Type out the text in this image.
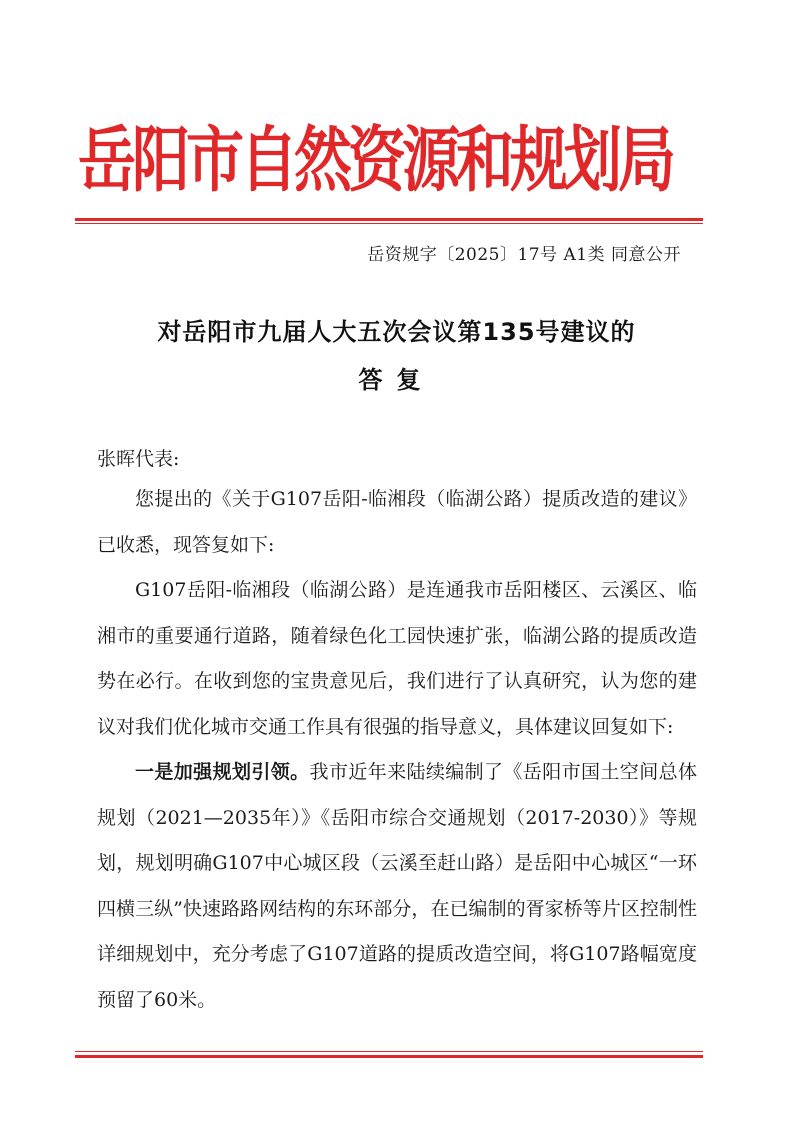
岳阳市自然资源和规划局
岳资规字〔2025〕17号 A1类 同意公开
对岳阳市九届人大五次会议第135号建议的
答复
张晖代表:

您提出的《关于G107岳阳-临湘段（临湖公路）提质改造的建议》已收悉，现答复如下:

G107岳阳-临湘段（临湖公路）是连通我市岳阳楼区、云溪区、临湘市的重要通行道路，随着绿色化工园快速扩张，临湖公路的提质改造势在必行。在收到您的宝贵意见后，我们进行了认真研究，认为您的建议对我们优化城市交通工作具有很强的指导意义，具体建议回复如下:

一是加强规划引领。我市近年来陆续编制了《岳阳市国土空间总体规划（2021—2035年）》《岳阳市综合交通规划（2017-2030）》等规划，规划明确G107中心城区段（云溪至赶山路）是岳阳中心城区“一环四横三纵”快速路路网结构的东环部分，在已编制的胥家桥等片区控制性详细规划中，充分考虑了G107道路的提质改造空间，将G107路幅宽度预留了60米。
